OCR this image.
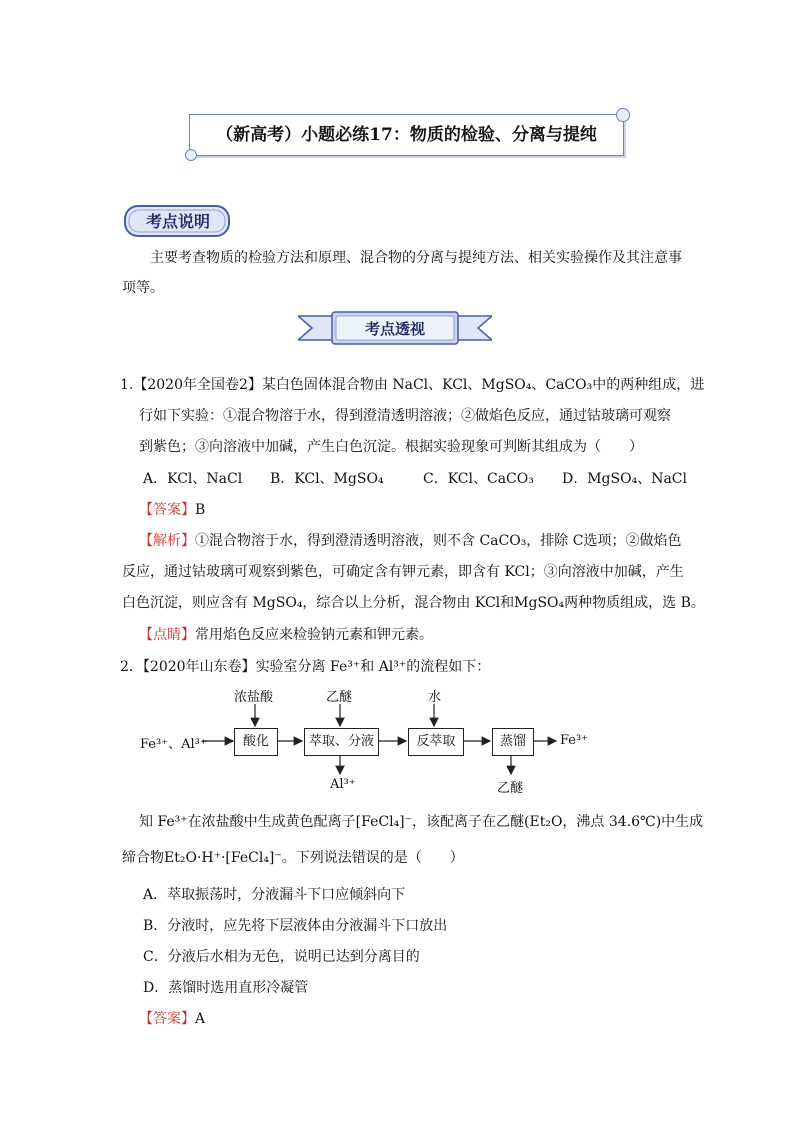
（新高考）小题必练17：物质的检验、分离与提纯
考点说明
主要考查物质的检验方法和原理、混合物的分离与提纯方法、相关实验操作及其注意事
项等。
考点透视
1.【2020年全国卷2】某白色固体混合物由 NaCl、KCl、MgSO₄、CaCO₃中的两种组成，进
行如下实验：①混合物溶于水，得到澄清透明溶液；②做焰色反应，通过钴玻璃可观察
到紫色；③向溶液中加碱，产生白色沉淀。根据实验现象可判断其组成为（　　）
A．KCl、NaCl B．KCl、MgSO₄	C．KCl、CaCO₃ D．MgSO₄、NaCl
【答案】B
【解析】①混合物溶于水，得到澄清透明溶液，则不含 CaCO₃，排除 C选项；②做焰色
反应，通过钴玻璃可观察到紫色，可确定含有钾元素，即含有 KCl；③向溶液中加碱，产生
白色沉淀，则应含有 MgSO₄，综合以上分析，混合物由 KCl和MgSO₄两种物质组成，选 B。
【点睛】常用焰色反应来检验钠元素和钾元素。
2．【2020年山东卷】实验室分离 Fe³⁺和 Al³⁺的流程如下：
Fe³⁺、Al³⁺	酸化	萃取、分液	反萃取	蒸馏
浓盐酸	乙醚	水
Al³⁺	乙醚
Fe³⁺
知 Fe³⁺在浓盐酸中生成黄色配离子[FeCl₄]⁻，该配离子在乙醚(Et₂O，沸点 34.6℃)中生成
缔合物Et₂O·H⁺·[FeCl₄]⁻。下列说法错误的是（　　）
A．萃取振荡时，分液漏斗下口应倾斜向下
B．分液时，应先将下层液体由分液漏斗下口放出
C．分液后水相为无色，说明已达到分离目的
D．蒸馏时选用直形冷凝管
【答案】A
